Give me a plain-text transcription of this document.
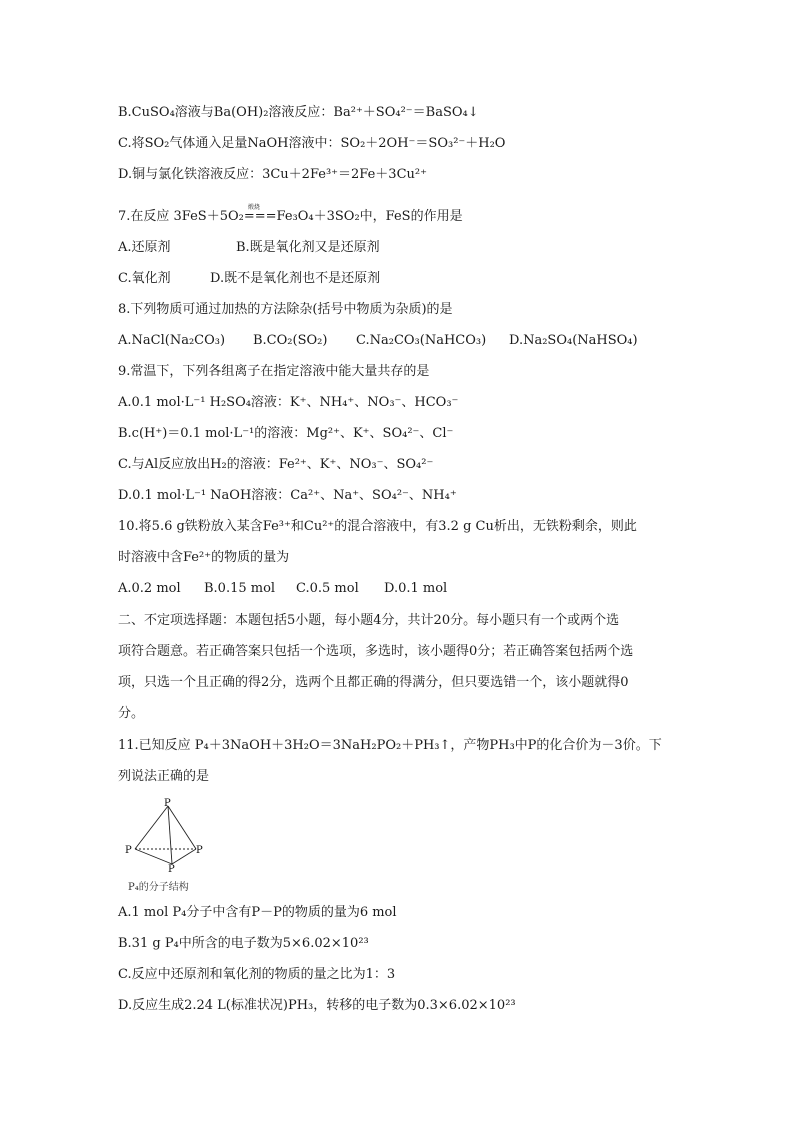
B.CuSO₄溶液与Ba(OH)₂溶液反应：Ba²⁺＋SO₄²⁻＝BaSO₄↓
C.将SO₂气体通入足量NaOH溶液中：SO₂＋2OH⁻＝SO₃²⁻＋H₂O
D.铜与氯化铁溶液反应：3Cu＋2Fe³⁺＝2Fe＋3Cu²⁺
7.在反应 3FeS＋5O₂
煅烧
===Fe₃O₄＋3SO₂中，FeS的作用是
A.还原剂	B.既是氧化剂又是还原剂
C.氧化剂	D.既不是氧化剂也不是还原剂
8.下列物质可通过加热的方法除杂(括号中物质为杂质)的是
A.NaCl(Na₂CO₃) B.CO₂(SO₂) C.Na₂CO₃(NaHCO₃) D.Na₂SO₄(NaHSO₄)
9.常温下，下列各组离子在指定溶液中能大量共存的是
A.0.1 mol·L⁻¹ H₂SO₄溶液：K⁺、NH₄⁺、NO₃⁻、HCO₃⁻
B.c(H⁺)＝0.1 mol·L⁻¹的溶液：Mg²⁺、K⁺、SO₄²⁻、Cl⁻
C.与Al反应放出H₂的溶液：Fe²⁺、K⁺、NO₃⁻、SO₄²⁻
D.0.1 mol·L⁻¹ NaOH溶液：Ca²⁺、Na⁺、SO₄²⁻、NH₄⁺
10.将5.6 g铁粉放入某含Fe³⁺和Cu²⁺的混合溶液中，有3.2 g Cu析出，无铁粉剩余，则此
时溶液中含Fe²⁺的物质的量为
A.0.2 mol B.0.15 mol C.0.5 mol D.0.1 mol
二、不定项选择题：本题包括5小题，每小题4分，共计20分。每小题只有一个或两个选
项符合题意。若正确答案只包括一个选项，多选时，该小题得0分；若正确答案包括两个选
项，只选一个且正确的得2分，选两个且都正确的得满分，但只要选错一个，该小题就得0
分。
11.已知反应 P₄＋3NaOH＋3H₂O＝3NaH₂PO₂＋PH₃↑，产物PH₃中P的化合价为－3价。下
列说法正确的是
P
P	P
P
P₄的分子结构
A.1 mol P₄分子中含有P－P的物质的量为6 mol
B.31 g P₄中所含的电子数为5×6.02×10²³
C.反应中还原剂和氧化剂的物质的量之比为1：3
D.反应生成2.24 L(标准状况)PH₃，转移的电子数为0.3×6.02×10²³
